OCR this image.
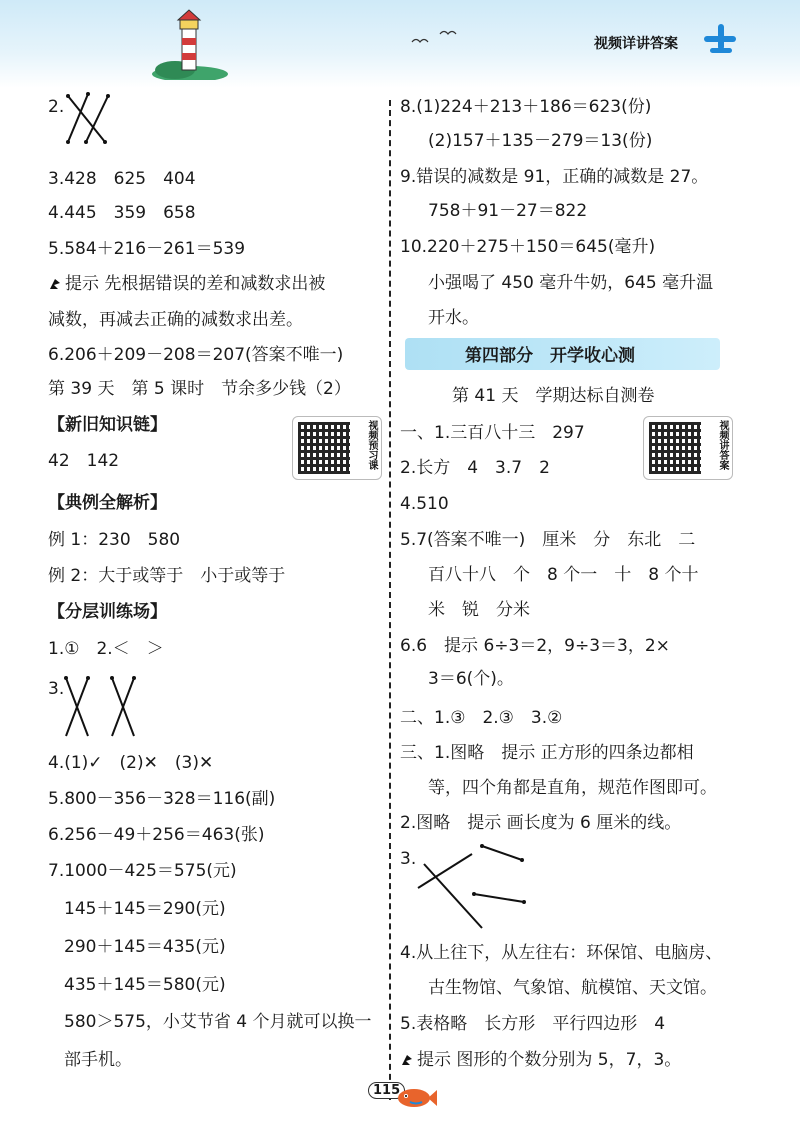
视频详讲答案
2.
3.428　625　404
4.445　359　658
5.584＋216－261＝539
提示 先根据错误的差和减数求出被
减数，再减去正确的减数求出差。
6.206＋209－208＝207(答案不唯一)
第 39 天　第 5 课时　节余多少钱（2）
【新旧知识链】
42　142
【典例全解析】
例 1：230　580
例 2：大于或等于　小于或等于
【分层训练场】
1.①　2.＜　＞
3.
4.(1)✓　(2)✕　(3)✕
5.800－356－328＝116(副)
6.256－49＋256＝463(张)
7.1000－425＝575(元)
145＋145＝290(元)
290＋145＝435(元)
435＋145＝580(元)
580＞575，小艾节省 4 个月就可以换一
部手机。
8.(1)224＋213＋186＝623(份)
(2)157＋135－279＝13(份)
9.错误的减数是 91，正确的减数是 27。
758＋91－27＝822
10.220＋275＋150＝645(毫升)
小强喝了 450 毫升牛奶，645 毫升温
开水。
第 41 天　学期达标自测卷
一、1.三百八十三　297
2.长方　4　3.7　2
4.510
5.7(答案不唯一)　厘米　分　东北　二
百八十八　个　8 个一　十　8 个十
米　锐　分米
6.6　提示 6÷3＝2，9÷3＝3，2×
3＝6(个)。
二、1.③　2.③　3.②
三、1.图略　提示 正方形的四条边都相
等，四个角都是直角，规范作图即可。
2.图略　提示 画长度为 6 厘米的线。
3.
4.从上往下，从左往右：环保馆、电脑房、
古生物馆、气象馆、航模馆、天文馆。
5.表格略　长方形　平行四边形　4
提示 图形的个数分别为 5，7，3。
第四部分　开学收心测
视频预习课	视频讲答案
115
